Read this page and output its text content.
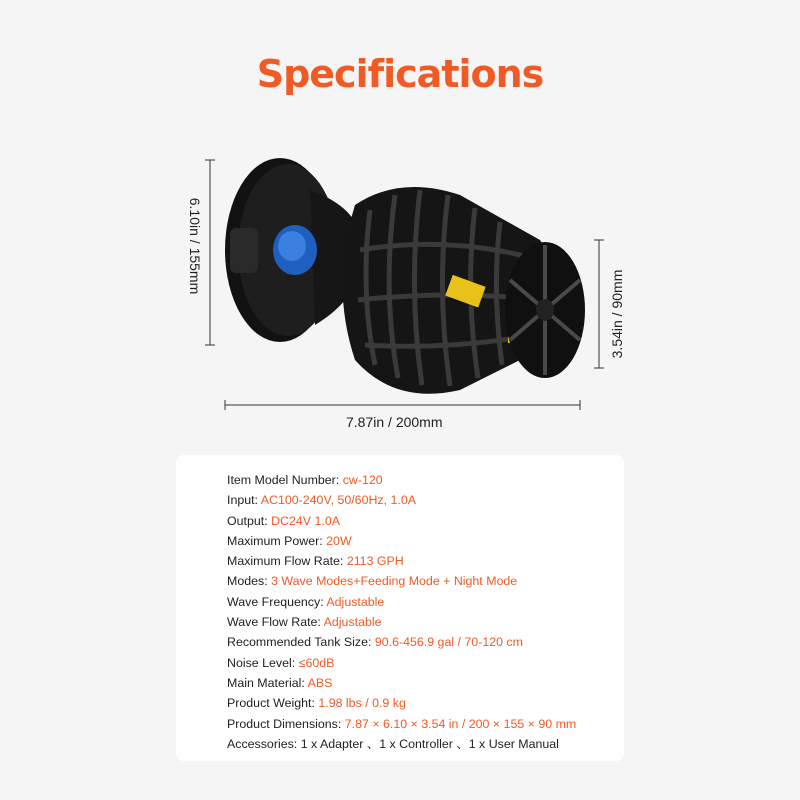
Specifications
7.87in / 200mm
6.10in / 155mm
3.54in / 90mm
Item Model Number: cw-120
Input: AC100-240V, 50/60Hz, 1.0A
Output: DC24V 1.0A
Maximum Power: 20W
Maximum Flow Rate: 2113 GPH
Modes: 3 Wave Modes+Feeding Mode + Night Mode
Wave Frequency: Adjustable
Wave Flow Rate: Adjustable
Recommended Tank Size: 90.6-456.9 gal / 70-120 cm
Noise Level: ≤60dB
Main Material: ABS
Product Weight: 1.98 lbs / 0.9 kg
Product Dimensions: 7.87 × 6.10 × 3.54 in / 200 × 155 × 90 mm
Accessories: 1 x Adapter 、1 x Controller 、1 x User Manual
